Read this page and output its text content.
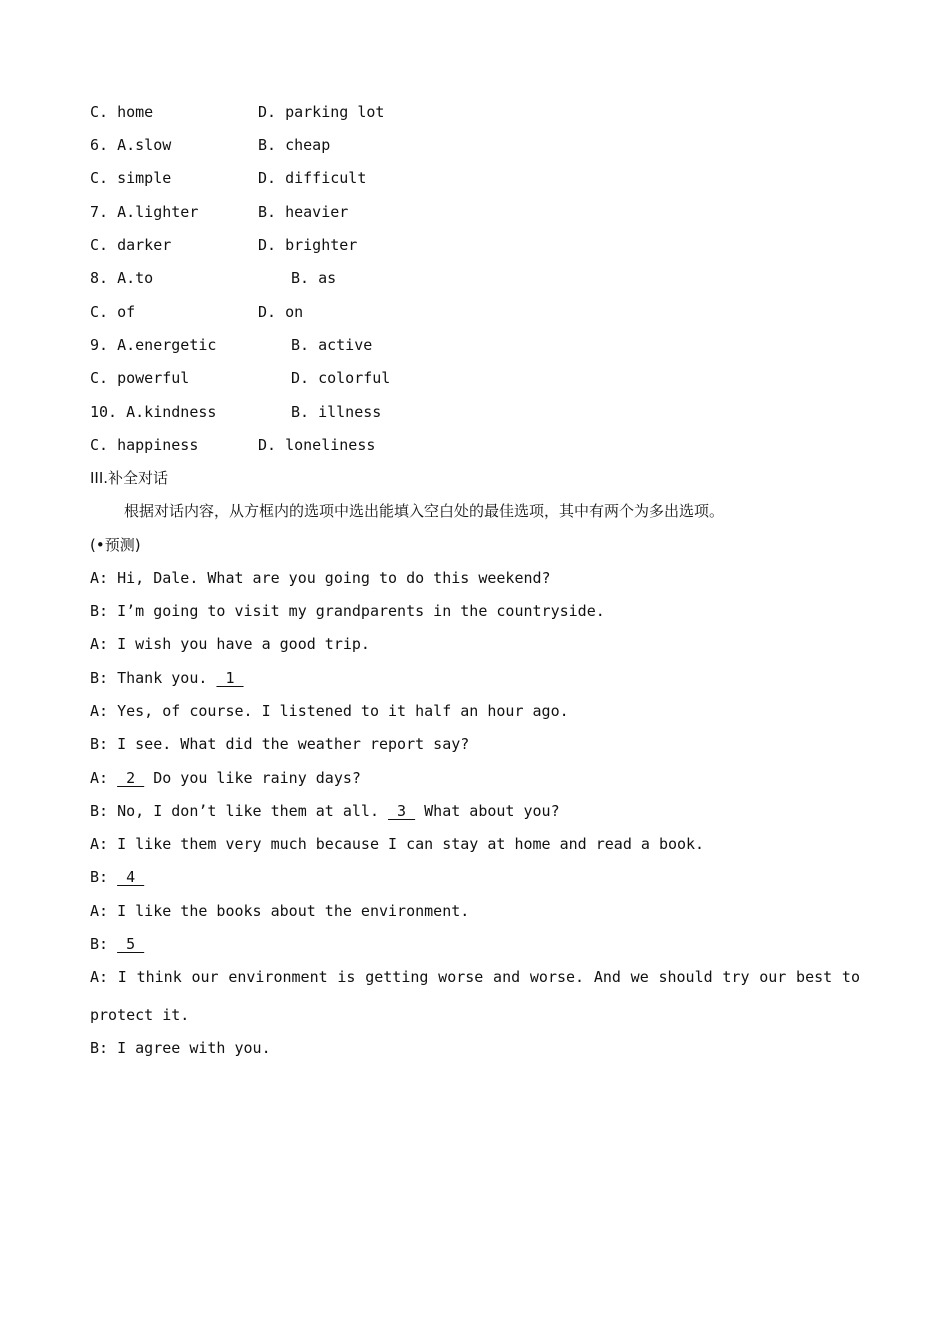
C. home	D. parking lot
6. A.slow	B. cheap
C. simple	D. difficult
7. A.lighter	B. heavier
C. darker	D. brighter
8. A.to	B. as
C. of	D. on
9. A.energetic	B. active
C. powerful	D. colorful
10. A.kindness	B. illness
C. happiness	D. loneliness
III.补全对话
根据对话内容，从方框内的选项中选出能填入空白处的最佳选项，其中有两个为多出选项。
(•预测)
A: Hi, Dale. What are you going to do this weekend?
B: I’m going to visit my grandparents in the countryside.
A: I wish you have a good trip.
B: Thank you.  1
A: Yes, of course. I listened to it half an hour ago.
B: I see. What did the weather report say?
A:  2  Do you like rainy days?
B: No, I don’t like them at all.  3  What about you?
A: I like them very much because I can stay at home and read a book.
B:  4
A: I like the books about the environment.
B:  5
A: I think our environment is getting worse and worse. And we should try our best to
protect it.
B: I agree with you.
